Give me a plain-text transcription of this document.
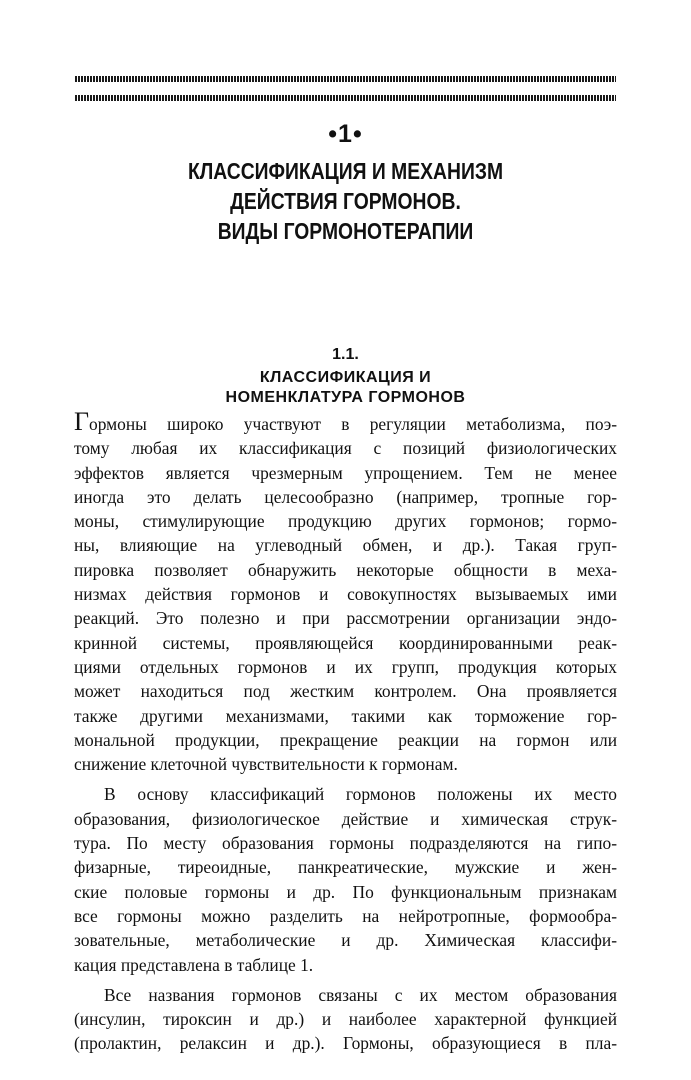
•1•
КЛАССИФИКАЦИЯ И МЕХАНИЗМ
ДЕЙСТВИЯ ГОРМОНОВ.
ВИДЫ ГОРМОНОТЕРАПИИ
1.1.
КЛАССИФИКАЦИЯ И
НОМЕНКЛАТУРА ГОРМОНОВ
Гормоны широко участвуют в регуляции метаболизма, поэ-
тому любая их классификация с позиций физиологических
эффектов является чрезмерным упрощением. Тем не менее
иногда это делать целесообразно (например, тропные гор-
моны, стимулирующие продукцию других гормонов; гормо-
ны, влияющие на углеводный обмен, и др.). Такая груп-
пировка позволяет обнаружить некоторые общности в меха-
низмах действия гормонов и совокупностях вызываемых ими
реакций. Это полезно и при рассмотрении организации эндо-
кринной системы, проявляющейся координированными реак-
циями отдельных гормонов и их групп, продукция которых
может находиться под жестким контролем. Она проявляется
также другими механизмами, такими как торможение гор-
мональной продукции, прекращение реакции на гормон или
снижение клеточной чувствительности к гормонам.
В основу классификаций гормонов положены их место
образования, физиологическое действие и химическая струк-
тура. По месту образования гормоны подразделяются на гипо-
физарные, тиреоидные, панкреатические, мужские и жен-
ские половые гормоны и др. По функциональным признакам
все гормоны можно разделить на нейротропные, формообра-
зовательные, метаболические и др. Химическая классифи-
кация представлена в таблице 1.
Все названия гормонов связаны с их местом образования
(инсулин, тироксин и др.) и наиболее характерной функцией
(пролактин, релаксин и др.). Гормоны, образующиеся в пла-
